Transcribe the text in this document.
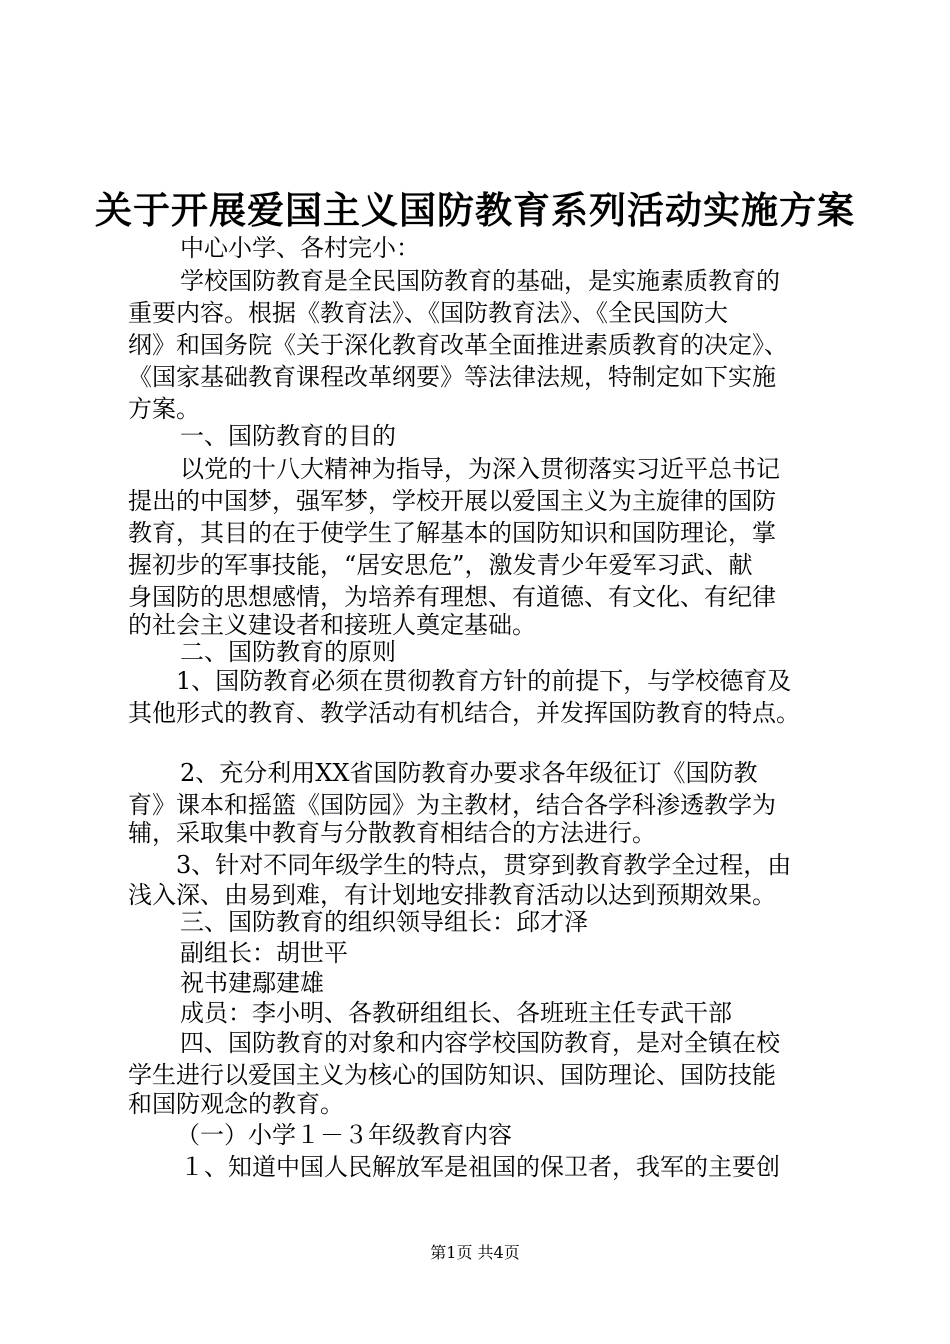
关于开展爱国主义国防教育系列活动实施方案
中心小学、各村完小：
学校国防教育是全民国防教育的基础，是实施素质教育的
重要内容。根据《教育法》、《国防教育法》、《全民国防大
纲》和国务院《关于深化教育改革全面推进素质教育的决定》、
《国家基础教育课程改革纲要》等法律法规，特制定如下实施
方案。
一、国防教育的目的
以党的十八大精神为指导，为深入贯彻落实习近平总书记
提出的中国梦，强军梦，学校开展以爱国主义为主旋律的国防
教育，其目的在于使学生了解基本的国防知识和国防理论，掌
握初步的军事技能，“居安思危”，激发青少年爱军习武、献
身国防的思想感情，为培养有理想、有道德、有文化、有纪律
的社会主义建设者和接班人奠定基础。
二、国防教育的原则
1、国防教育必须在贯彻教育方针的前提下，与学校德育及
其他形式的教育、教学活动有机结合，并发挥国防教育的特点。
2、充分利用XX省国防教育办要求各年级征订《国防教
育》课本和摇篮《国防园》为主教材，结合各学科渗透教学为
辅，采取集中教育与分散教育相结合的方法进行。
3、针对不同年级学生的特点，贯穿到教育教学全过程，由
浅入深、由易到难，有计划地安排教育活动以达到预期效果。
三、国防教育的组织领导组长：邱才泽
副组长：胡世平
祝书建鄢建雄
成员：李小明、各教研组组长、各班班主任专武干部
四、国防教育的对象和内容学校国防教育，是对全镇在校
学生进行以爱国主义为核心的国防知识、国防理论、国防技能
和国防观念的教育。
（一）小学１－３年级教育内容
１、知道中国人民解放军是祖国的保卫者，我军的主要创
第1页 共4页
